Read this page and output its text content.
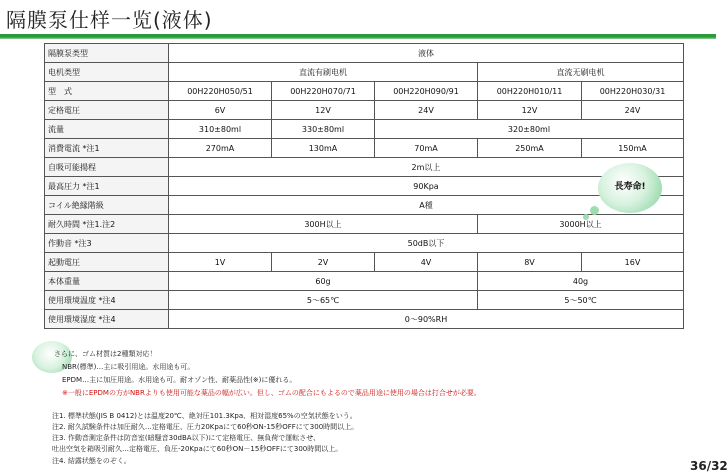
隔膜泵仕样一览(液体)
隔膜泵类型	液体				
电机类型	直流有刷电机			直流无刷电机	
型　式	00H220H050/51	00H220H070/71	00H220H090/91	00H220H010/11	00H220H030/31
定格電圧	6V	12V	24V	12V	24V
流量	310±80ml	330±80ml	320±80ml		
消費電流 *注1	270mA	130mA	70mA	250mA	150mA
自吸可能揚程	2m以上				
最高圧力 *注1	90Kpa				
コイル絶縁階級	A種				
耐久時間 *注1.注2	300H以上			3000H以上	
作動音 *注3	50dB以下				
起動電圧	1V	2V	4V	8V	16V
本体重量	60g			40g	
使用環境温度 *注4	5～65℃			5～50℃	
使用環境湿度 *注4	0～90%RH				
長寿命!
さらに、ゴム材質は2種類対応！
NBR(標準)…主に吸引用途。水用途も可。
EPDM…主に加圧用途。水用途も可。耐オゾン性、耐薬品性(※)に優れる。
※一般にEPDMの方がNBRよりも使用可能な薬品の幅が広い。但し、ゴムの配合にもよるので薬品用途に使用の場合は打合せが必要。
注1. 標準状態(JIS B 0412)とは温度20℃、絶対圧101.3Kpa、相対湿度65%の空気状態をいう。
注2. 耐久試験条件は加圧耐久…定格電圧、圧力20Kpaにて60秒ON-15秒OFFにて300時間以上。
注3. 作動音測定条件は防音室(暗騒音30dBA以下)にて定格電圧、無負荷で運転させ、
吐出空気を箱吸引耐久…定格電圧、負圧-20Kpaにて60秒ON－15秒OFFにて300時間以上。
注4. 結露状態をのぞく。	36/32
